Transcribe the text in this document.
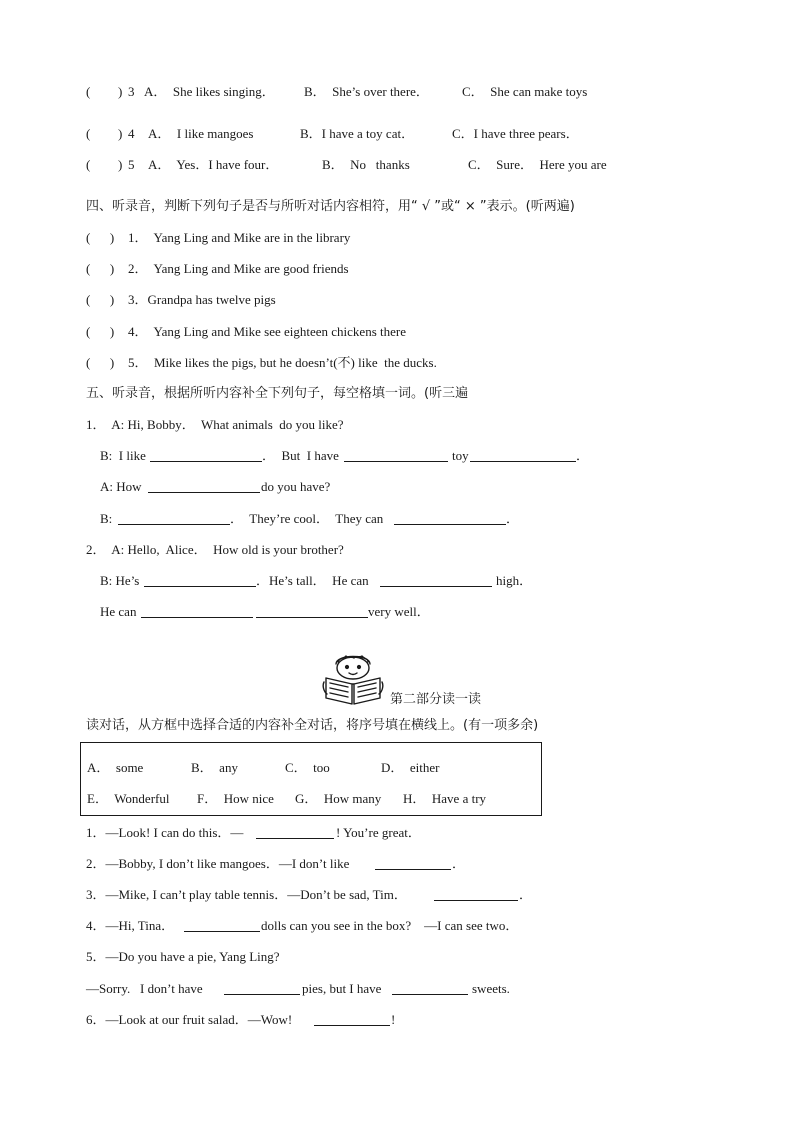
( ) 3 A．  She likes singing． B．  She’s over there．	C．  She can make toys
( ) 4 A．  I like mangoes	B．I have a toy cat．	C．I have three pears．
( ) 5 A．  Yes．I have four．	B．  No   thanks	C．  Sure．  Here you are
四、听录音，判断下列句子是否与所听对话内容相符，用“ √ ”或“ × ”表示。(听两遍)
(      ) 1．  Yang Ling and Mike are in the library
(      ) 2．  Yang Ling and Mike are good friends
(      ) 3．Grandpa has twelve pigs
(      ) 4．  Yang Ling and Mike see eighteen chickens there
(      ) 5．  Mike likes the pigs, but he doesn’t(不) like  the ducks.
五、听录音，根据所听内容补全下列句子，每空格填一词。(听三遍
1．  A: Hi, Bobby．  What animals  do you like?
B:  I like	．  But  I have	toy	．
A: How	do you have?
B:	．  They’re cool．  They can	．
2．  A: Hello,  Alice．  How old is your brother?
B: He’s	．He’s tall．  He can	high．
He can	very well．
第二部分读一读
读对话，从方框中选择合适的内容补全对话，将序号填在横线上。(有一项多余)
A．  some	B．  any	C．  too	D．  either
E．  Wonderful F．  How nice G．  How many H．  Have a try
1．—Look! I can do this．—	! You’re great．
2．—Bobby, I don’t like mangoes．—I don’t like	．
3．—Mike, I can’t play table tennis．—Don’t be sad, Tim．	．
4．—Hi, Tina．	dolls can you see in the box?    —I can see two．
5．—Do you have a pie, Yang Ling?
—Sorry.   I don’t have	pies, but I have	sweets.
6．—Look at our fruit salad．—Wow!	!
